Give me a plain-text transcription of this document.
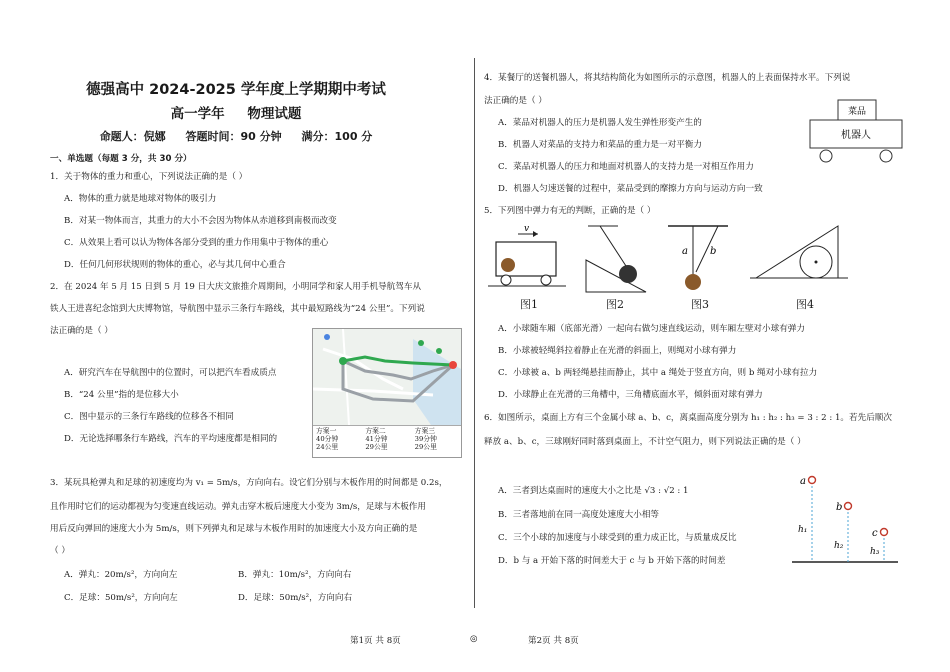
德强高中 2024-2025 学年度上学期期中考试
高一学年 物理试题
命题人：倪娜 答题时间：90 分钟 满分：100 分
一、单选题（每题 3 分，共 30 分）
1．关于物体的重力和重心，下列说法正确的是（ ）
A．物体的重力就是地球对物体的吸引力
B．对某一物体而言，其重力的大小不会因为物体从赤道移到南极而改变
C．从效果上看可以认为物体各部分受到的重力作用集中于物体的重心
D．任何几何形状规则的物体的重心，必与其几何中心重合
2．在 2024 年 5 月 15 日到 5 月 19 日大庆文旅推介周期间，小明同学和家人用手机导航驾车从
铁人王进喜纪念馆到大庆博物馆，导航图中显示三条行车路线，其中最短路线为“24 公里”。下列说
法正确的是（ ）
A．研究汽车在导航图中的位置时，可以把汽车看成质点
B．“24 公里”指的是位移大小
C．图中显示的三条行车路线的位移各不相同
D．无论选择哪条行车路线，汽车的平均速度都是相同的
方案一
40分钟
24公里
方案二
41分钟
29公里
方案三
39分钟
29公里
3．某玩具枪弹丸和足球的初速度均为 v₁ = 5m/s，方向向右。设它们分别与木板作用的时间都是 0.2s，
且作用时它们的运动都视为匀变速直线运动。弹丸击穿木板后速度大小变为 3m/s，足球与木板作用
用后反向弹回的速度大小为 5m/s，则下列弹丸和足球与木板作用时的加速度大小及方向正确的是
（ ）
A．弹丸：20m/s²，方向向左	B．弹丸：10m/s²，方向向右
C．足球：50m/s²，方向向左	D．足球：50m/s²，方向向右
第1页 共 8页	◎
4．某餐厅的送餐机器人，将其结构简化为如图所示的示意图，机器人的上表面保持水平。下列说
法正确的是（ ）
A．菜品对机器人的压力是机器人发生弹性形变产生的
B．机器人对菜品的支持力和菜品的重力是一对平衡力
C．菜品对机器人的压力和地面对机器人的支持力是一对相互作用力
D．机器人匀速送餐的过程中，菜品受到的摩擦力方向与运动方向一致
菜品
机器人
5．下列图中弹力有无的判断，正确的是（ ）
v
a b
图1	图2	图3	图4
A．小球随车厢（底部光滑）一起向右做匀速直线运动，则车厢左壁对小球有弹力
B．小球被轻绳斜拉着静止在光滑的斜面上，则绳对小球有弹力
C．小球被 a、b 两轻绳悬挂而静止，其中 a 绳处于竖直方向，则 b 绳对小球有拉力
D．小球静止在光滑的三角槽中，三角槽底面水平，倾斜面对球有弹力
6．如图所示，桌面上方有三个金属小球 a、b、c，离桌面高度分别为 h₁ : h₂ : h₃ = 3 : 2 : 1。若先后顺次
释放 a、b、c，三球刚好同时落到桌面上，不计空气阻力，则下列说法正确的是（ ）
A．三者到达桌面时的速度大小之比是 √3 : √2 : 1
B．三者落地前在同一高度处速度大小相等
C．三个小球的加速度与小球受到的重力成正比，与质量成反比
D．b 与 a 开始下落的时间差大于 c 与 b 开始下落的时间差
a
b
c
h₁
h₂
h₃
第2页 共 8页
